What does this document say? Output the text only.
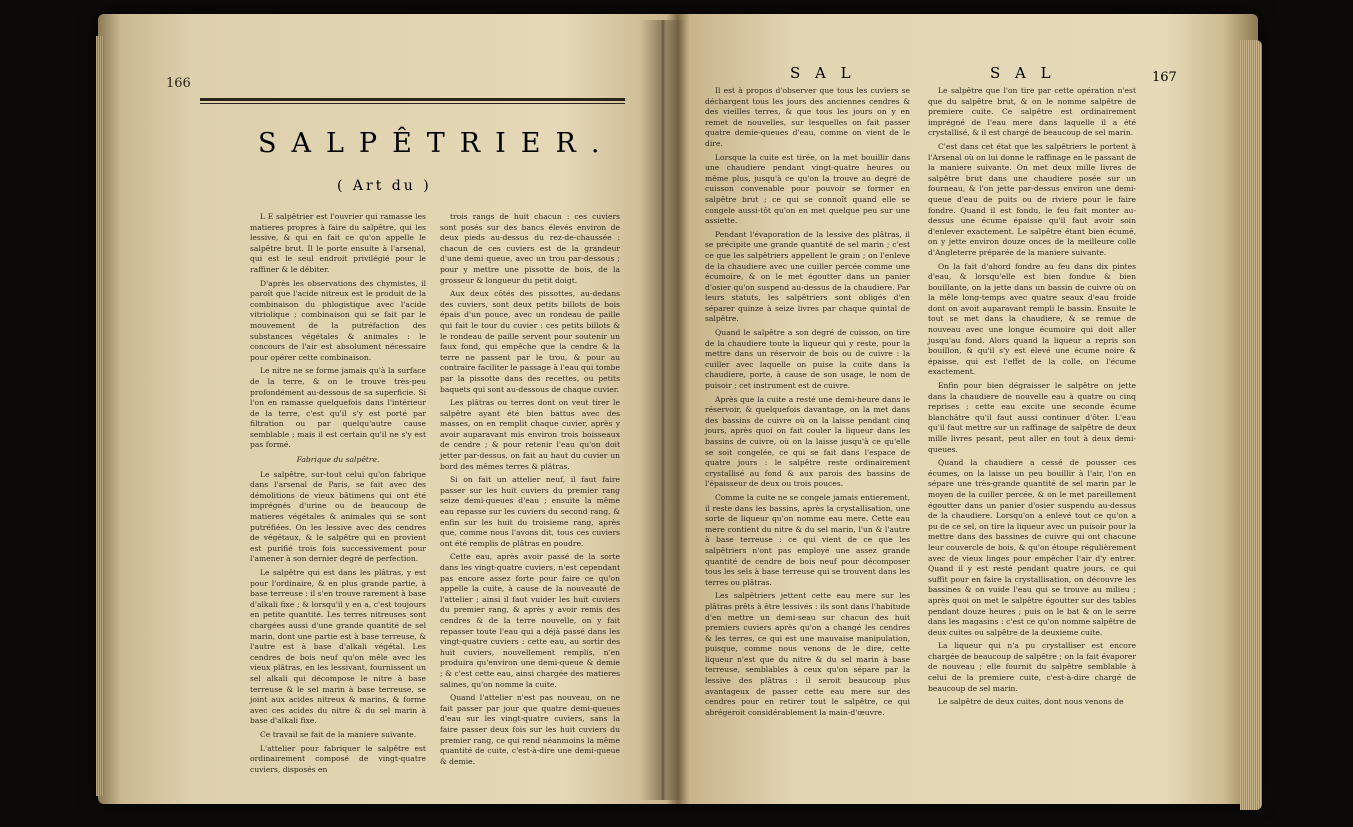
166
SALPÊTRIER.
( Art du )

L E salpêtrier est l'ouvrier qui ramasse les matieres propres à faire du salpêtre, qui les lessive, & qui en fait ce qu'on appelle le salpêtre brut. Il le porte ensuite à l'arsenal, qui est le seul endroit privilégié pour le raffiner & le débiter.

D'après les observations des chymistes, il paroît que l'acide nitreux est le produit de la combinaison du phlogistique avec l'acide vitriolique ; combinaison qui se fait par le mouvement de la putréfaction des substances végétales & animales : le concours de l'air est absolument nécessaire pour opérer cette combinaison.

Le nitre ne se forme jamais qu'à la surface de la terre, & on le trouve très-peu profondément au-dessous de sa superficie. Si l'on en ramasse quelquefois dans l'intérieur de la terre, c'est qu'il s'y est porté par filtration ou par quelqu'autre cause semblable ; mais il est certain qu'il ne s'y est pas formé.

Fabrique du salpêtre.

Le salpêtre, sur-tout celui qu'on fabrique dans l'arsenal de Paris, se fait avec des démolitions de vieux bâtimens qui ont été imprégnés d'urine ou de beaucoup de matieres végétales & animales qui se sont putréfiées. On les lessive avec des cendres de végétaux, & le salpêtre qui en provient est purifié trois fois successivement pour l'amener à son dernier degré de perfection.

Le salpêtre qui est dans les plâtras, y est pour l'ordinaire, & en plus grande partie, à base terreuse : il s'en trouve rarement à base d'alkali fixe ; & lorsqu'il y en a, c'est toujours en petite quantité. Les terres nitreuses sont chargées aussi d'une grande quantité de sel marin, dont une partie est à base terreuse, & l'autre est à base d'alkali végétal. Les cendres de bois neuf qu'on mêle avec les vieux plâtras, en les lessivant, fournissent un sel alkali qui décompose le nitre à base terreuse & le sel marin à base terreuse, se joint aux acides nitreux & marins, & forme avec ces acides du nitre & du sel marin à base d'alkali fixe.

Ce travail se fait de la maniere suivante.

L'attelier pour fabriquer le salpêtre est ordinairement composé de vingt-quatre cuviers, disposés en

trois rangs de huit chacun : ces cuviers sont posés sur des bancs élevés environ de deux pieds au-dessus du rez-de-chaussée : chacun de ces cuviers est de la grandeur d'une demi queue, avec un trou par-dessous ; pour y mettre une pissotte de bois, de la grosseur & longueur du petit doigt.

Aux deux côtés des pissottes, au-dedans des cuviers, sont deux petits billots de bois épais d'un pouce, avec un rondeau de paille qui fait le tour du cuvier : ces petits billots & le rondeau de paille servent pour soutenir un faux fond, qui empêche que la cendre & la terre ne passent par le trou, & pour au contraire faciliter le passage à l'eau qui tombe par la pissotte dans des recettes, ou petits baquets qui sont au-dessous de chaque cuvier.

Les plâtras ou terres dont on veut tirer le salpêtre ayant été bien battus avec des masses, on en remplit chaque cuvier, après y avoir auparavant mis environ trois boisseaux de cendre ; & pour retenir l'eau qu'on doit jetter par-dessus, on fait au haut du cuvier un bord des mêmes terres & plâtras.

Si on fait un attelier neuf, il faut faire passer sur les huit cuviers du premier rang seize demi-queues d'eau ; ensuite la même eau repasse sur les cuviers du second rang, & enfin sur les huit du troisieme rang, après que, comme nous l'avons dit, tous ces cuviers ont été remplis de plâtras en poudre.

Cette eau, après avoir passé de la sorte dans les vingt-quatre cuviers, n'est cependant pas encore assez forte pour faire ce qu'on appelle la cuite, à cause de la nouveauté de l'attelier ; ainsi il faut vuider les huit cuviers du premier rang, & après y avoir remis des cendres & de la terre nouvelle, on y fait repasser toute l'eau qui a déjà passé dans les vingt-quatre cuviers : cette eau, au sortir des huit cuviers, nouvellement remplis, n'en produira qu'environ une demi-queue & demie ; & c'est cette eau, ainsi chargée des matieres salines, qu'on nomme la cuite.

Quand l'attelier n'est pas nouveau, on ne fait passer par jour que quatre demi-queues d'eau sur les vingt-quatre cuviers, sans la faire passer deux fois sur les huit cuviers du premier rang, ce qui rend néanmoins la même quantité de cuite, c'est-à-dire une demi-queue & demie.

S A L	S A L	167

Il est à propos d'observer que tous les cuviers se déchargent tous les jours des anciennes cendres & des vieilles terres, & que tous les jours on y en remet de nouvelles, sur lesquelles on fait passer quatre demie-queues d'eau, comme on vient de le dire.

Lorsque la cuite est tirée, on la met bouillir dans une chaudiere pendant vingt-quatre heures ou même plus, jusqu'à ce qu'on la trouve au degré de cuisson convenable pour pouvoir se former en salpêtre brut ; ce qui se connoît quand elle se congele aussi-tôt qu'on en met quelque peu sur une assiette.

Pendant l'évaporation de la lessive des plâtras, il se précipite une grande quantité de sel marin ; c'est ce que les salpêtriers appellent le grain ; on l'enleve de la chaudiere avec une cuiller percée comme une écumoire, & on le met égoutter dans un panier d'osier qu'on suspend au-dessus de la chaudiere. Par leurs statuts, les salpêtriers sont obligés d'en séparer quinze à seize livres par chaque quintal de salpêtre.

Quand le salpêtre a son degré de cuisson, on tire de la chaudiere toute la liqueur qui y reste, pour la mettre dans un réservoir de bois ou de cuivre : la cuiller avec laquelle on puise la cuite dans la chaudiere, porte, à cause de son usage, le nom de puisoir ; cet instrument est de cuivre.

Après que la cuite a resté une demi-heure dans le réservoir, & quelquefois davantage, on la met dans des bassins de cuivre où on la laisse pendant cinq jours, après quoi on fait couler la liqueur dans les bassins de cuivre, où on la laisse jusqu'à ce qu'elle se soit congelée, ce qui se fait dans l'espace de quatre jours : le salpêtre reste ordinairement crystallisé au fond & aux parois des bassins de l'épaisseur de deux ou trois pouces.

Comme la cuite ne se congele jamais entierement, il reste dans les bassins, après la crystallisation, une sorte de liqueur qu'on nomme eau mere. Cette eau mere contient du nitre & du sel marin, l'un & l'autre à base terreuse : ce qui vient de ce que les salpêtriers n'ont pas employé une assez grande quantité de cendre de bois neuf pour décomposer tous les sels à base terreuse qui se trouvent dans les terres ou plâtras.

Les salpêtriers jettent cette eau mere sur les plâtras prêts à être lessivés : ils sont dans l'habitude d'en mettre un demi-seau sur chacun des huit premiers cuviers après qu'on a changé les cendres & les terres, ce qui est une mauvaise manipulation, puisque, comme nous venons de le dire, cette liqueur n'est que du nitre & du sel marin à base terreuse, semblables à ceux qu'on sépare par la lessive des plâtras : il seroit beaucoup plus avantageux de passer cette eau mere sur des cendres pour en retirer tout le salpêtre, ce qui abrégeroit considérablement la main-d'œuvre.

Le salpêtre que l'on tire par cette opération n'est que du salpêtre brut, & on le nomme salpêtre de premiere cuite. Ce salpêtre est ordinairement imprégné de l'eau mere dans laquelle il a été crystallisé, & il est chargé de beaucoup de sel marin.

C'est dans cet état que les salpêtriers le portent à l'Arsenal où on lui donne le raffinage en le passant de la maniere suivante. On met deux mille livres de salpêtre brut dans une chaudiere posée sur un fourneau, & l'on jette par-dessus environ une demi-queue d'eau de puits ou de riviere pour le faire fondre. Quand il est fondu, le feu fait monter au-dessus une écume épaisse qu'il faut avoir soin d'enlever exactement. Le salpêtre étant bien écumé, on y jette environ douze onces de la meilleure colle d'Angleterre préparée de la maniere suivante.

On la fait d'abord fondre au feu dans dix pintes d'eau, & lorsqu'elle est bien fondue & bien bouillante, on la jette dans un bassin de cuivre où on la mêle long-temps avec quatre seaux d'eau froide dont on avoit auparavant rempli le bassin. Ensuite le tout se met dans la chaudiere, & se remue de nouveau avec une longue écumoire qui doit aller jusqu'au fond. Alors quand la liqueur a repris son bouillon, & qu'il s'y est élevé une écume noire & épaisse, qui est l'effet de la colle, on l'écume exactement.

Enfin pour bien dégraisser le salpêtre on jette dans la chaudiere de nouvelle eau à quatre ou cinq reprises ; cette eau excite une seconde écume blanchâtre qu'il faut aussi continuer d'ôter. L'eau qu'il faut mettre sur un raffinage de salpêtre de deux mille livres pesant, peut aller en tout à deux demi-queues.

Quand la chaudiere a cessé de pousser ces écumes, on la laisse un peu bouillir à l'air, l'on en sépare une très-grande quantité de sel marin par le moyen de la cuiller percée, & on le met pareillement égoutter dans un panier d'osier suspendu au-dessus de la chaudiere. Lorsqu'on a enlevé tout ce qu'on a pu de ce sel, on tire la liqueur avec un puisoir pour la mettre dans des bassines de cuivre qui ont chacune leur couvercle de bois, & qu'on étoupe régulièrement avec de vieux linges pour empêcher l'air d'y entrer. Quand il y est resté pendant quatre jours, ce qui suffit pour en faire la crystallisation, on découvre les bassines & on vuide l'eau qui se trouve au milieu ; après quoi on met le salpêtre égoutter sur des tables pendant douze heures ; puis on le bat & on le serre dans les magasins : c'est ce qu'on nomme salpêtre de deux cuites ou salpêtre de la deuxieme cuite.

La liqueur qui n'a pu crystalliser est encore chargée de beaucoup de salpêtre ; on la fait évaporer de nouveau ; elle fournit du salpêtre semblable à celui de la premiere cuite, c'est-à-dire chargé de beaucoup de sel marin.

Le salpêtre de deux cuites, dont nous venons de
